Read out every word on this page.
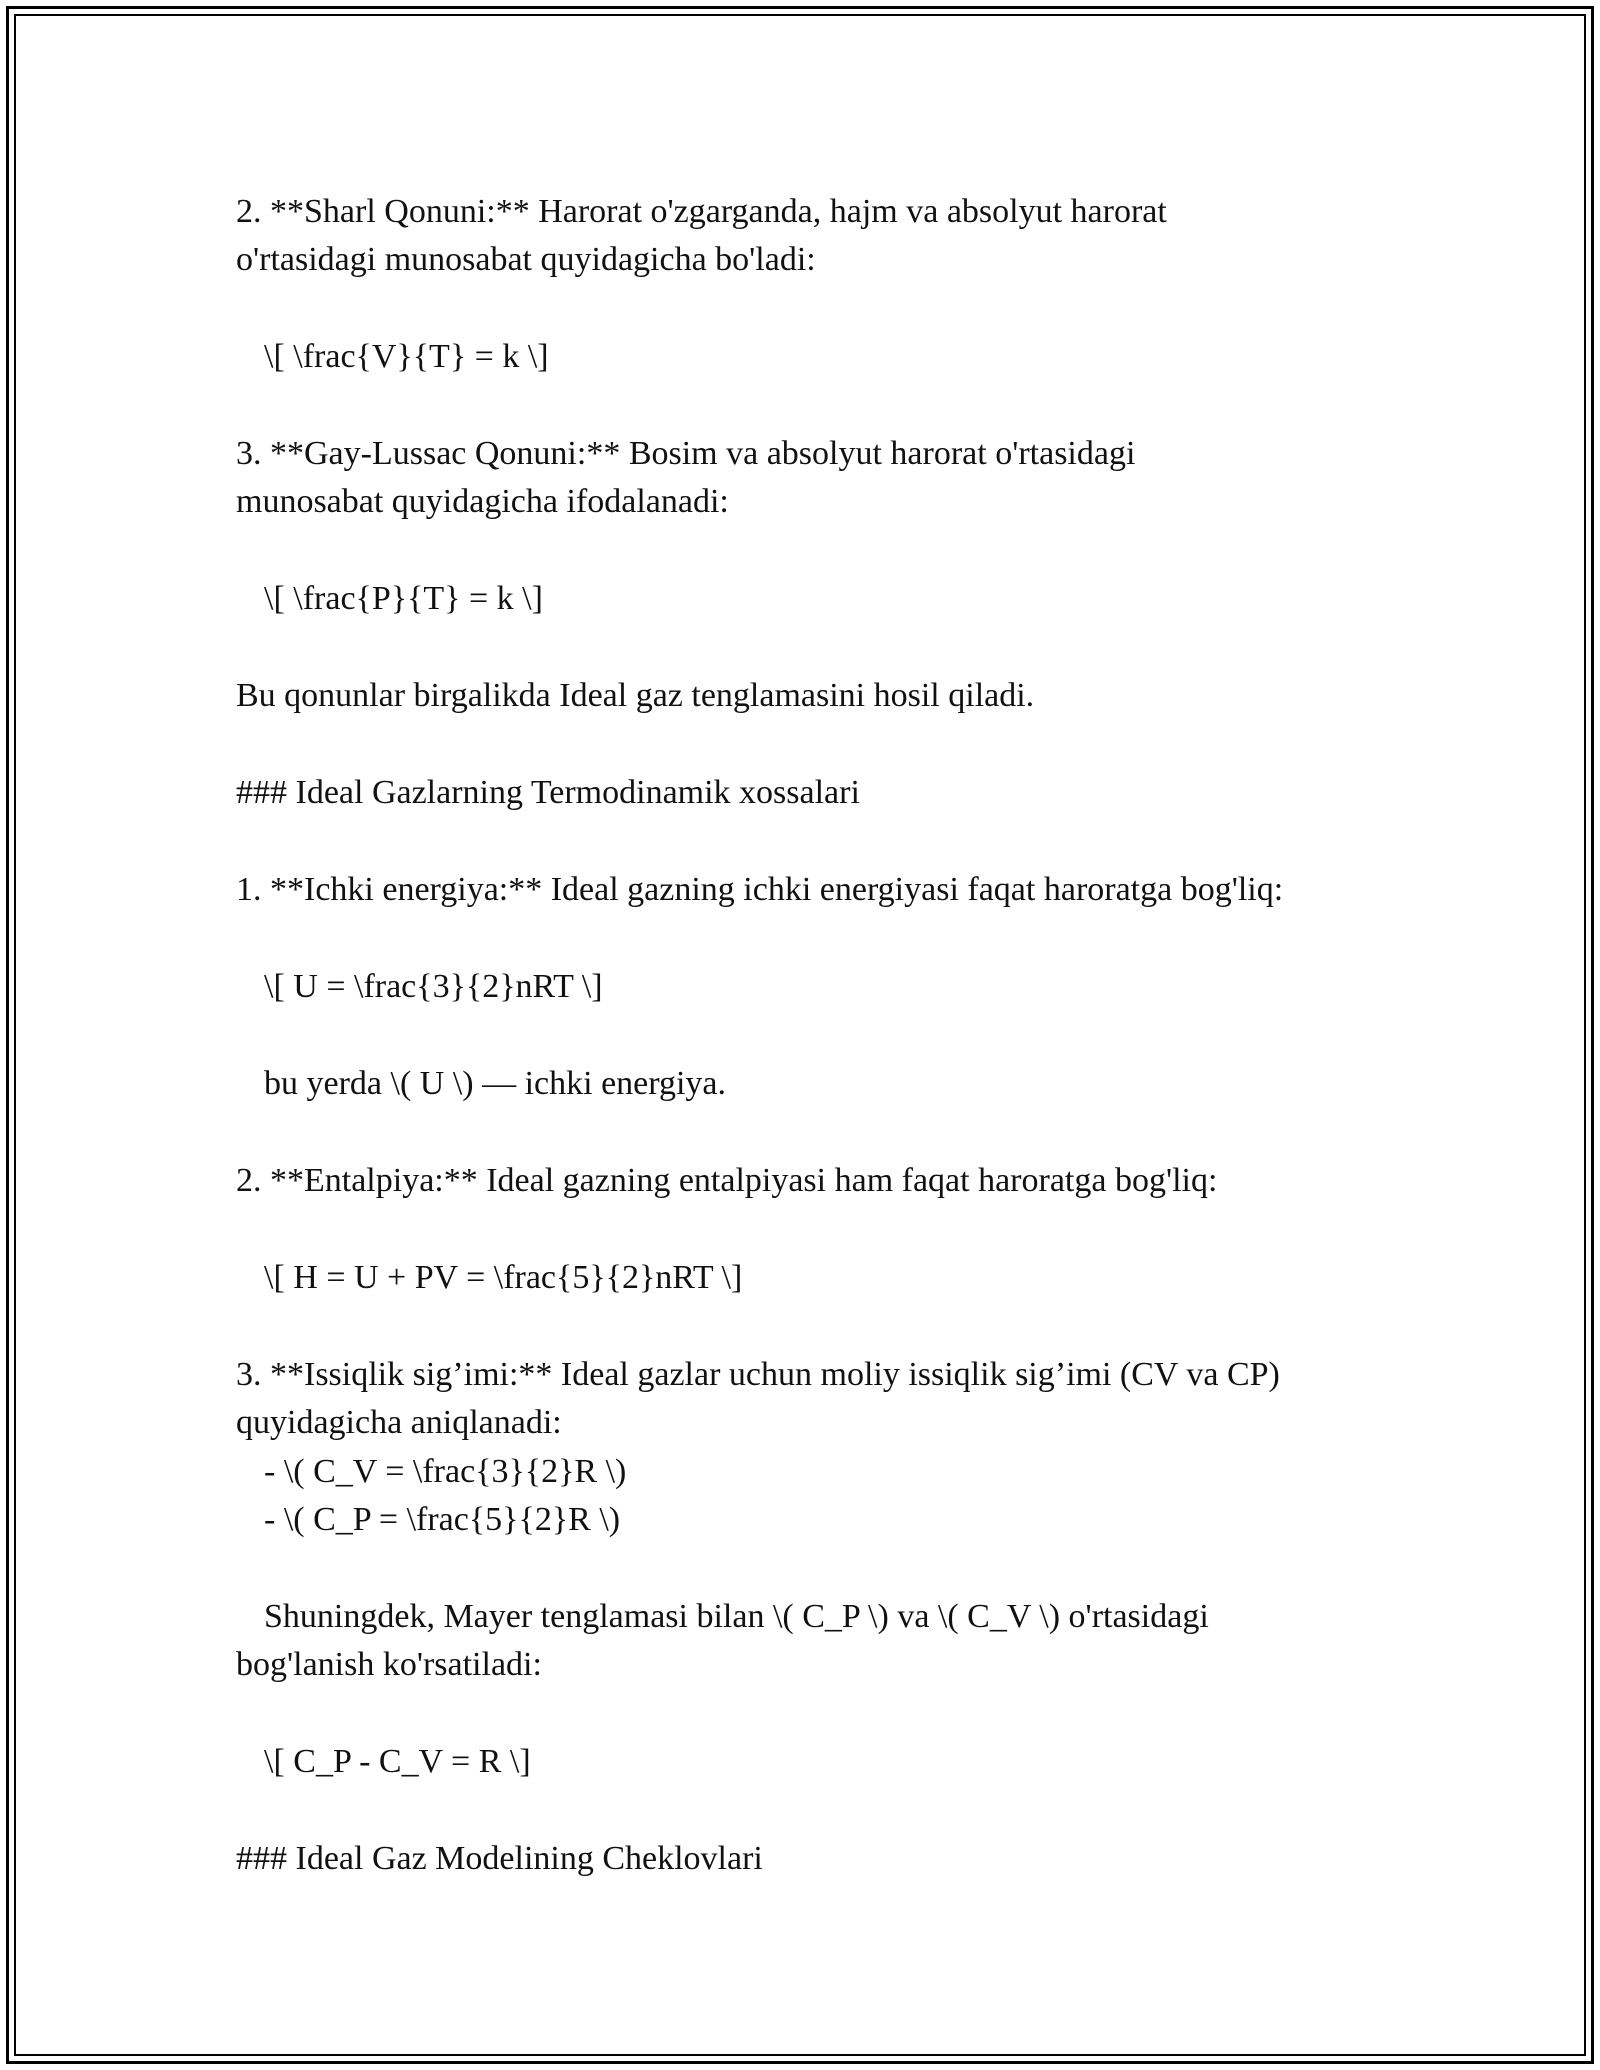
2. **Sharl Qonuni:** Harorat o'zgarganda, hajm va absolyut harorat
o'rtasidagi munosabat quyidagicha bo'ladi:
\[ \frac{V}{T} = k \]
3. **Gay-Lussac Qonuni:** Bosim va absolyut harorat o'rtasidagi
munosabat quyidagicha ifodalanadi:
\[ \frac{P}{T} = k \]
Bu qonunlar birgalikda Ideal gaz tenglamasini hosil qiladi.
### Ideal Gazlarning Termodinamik xossalari
1. **Ichki energiya:** Ideal gazning ichki energiyasi faqat haroratga bog'liq:
\[ U = \frac{3}{2}nRT \]
bu yerda \( U \) — ichki energiya.
2. **Entalpiya:** Ideal gazning entalpiyasi ham faqat haroratga bog'liq:
\[ H = U + PV = \frac{5}{2}nRT \]
3. **Issiqlik sig’imi:** Ideal gazlar uchun moliy issiqlik sig’imi (CV va CP)
quyidagicha aniqlanadi:
- \( C_V = \frac{3}{2}R \)
- \( C_P = \frac{5}{2}R \)
Shuningdek, Mayer tenglamasi bilan \( C_P \) va \( C_V \) o'rtasidagi
bog'lanish ko'rsatiladi:
\[ C_P - C_V = R \]
### Ideal Gaz Modelining Cheklovlari
